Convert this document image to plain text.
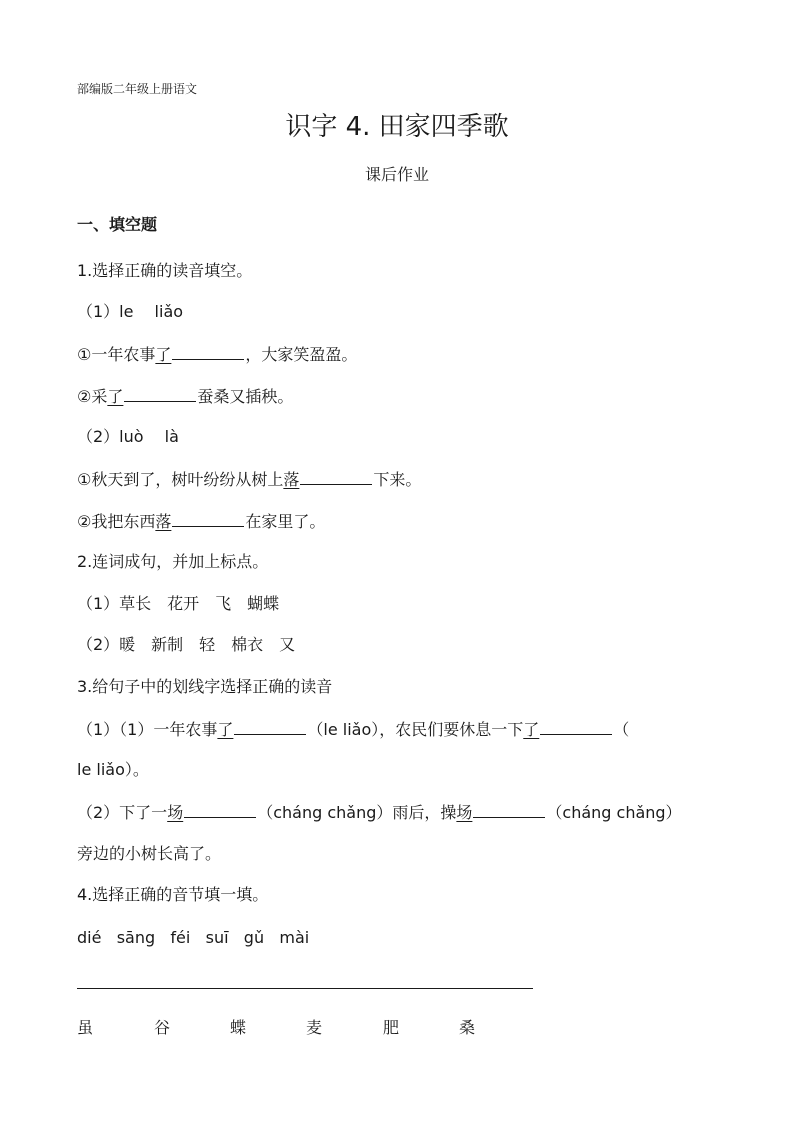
部编版二年级上册语文
识字 4. 田家四季歌
课后作业
一、填空题
1.选择正确的读音填空。
（1）le　 liǎo
①一年农事了	，大家笑盈盈。
②采了	蚕桑又插秧。
（2）luò　 là
①秋天到了，树叶纷纷从树上落	下来。
②我把东西落	在家里了。
2.连词成句，并加上标点。
（1）草长　花开　飞　蝴蝶
（2）暖　新制　轻　棉衣　又
3.给句子中的划线字选择正确的读音
（1）（1）一年农事了	（le liǎo），农民们要休息一下了	（
le liǎo）。
（2）下了一场	（cháng chǎng）雨后，操场	（cháng chǎng）
旁边的小树长高了。
4.选择正确的音节填一填。
dié sāng féi suī gǔ mài
虽	谷	蝶	麦	肥	桑
